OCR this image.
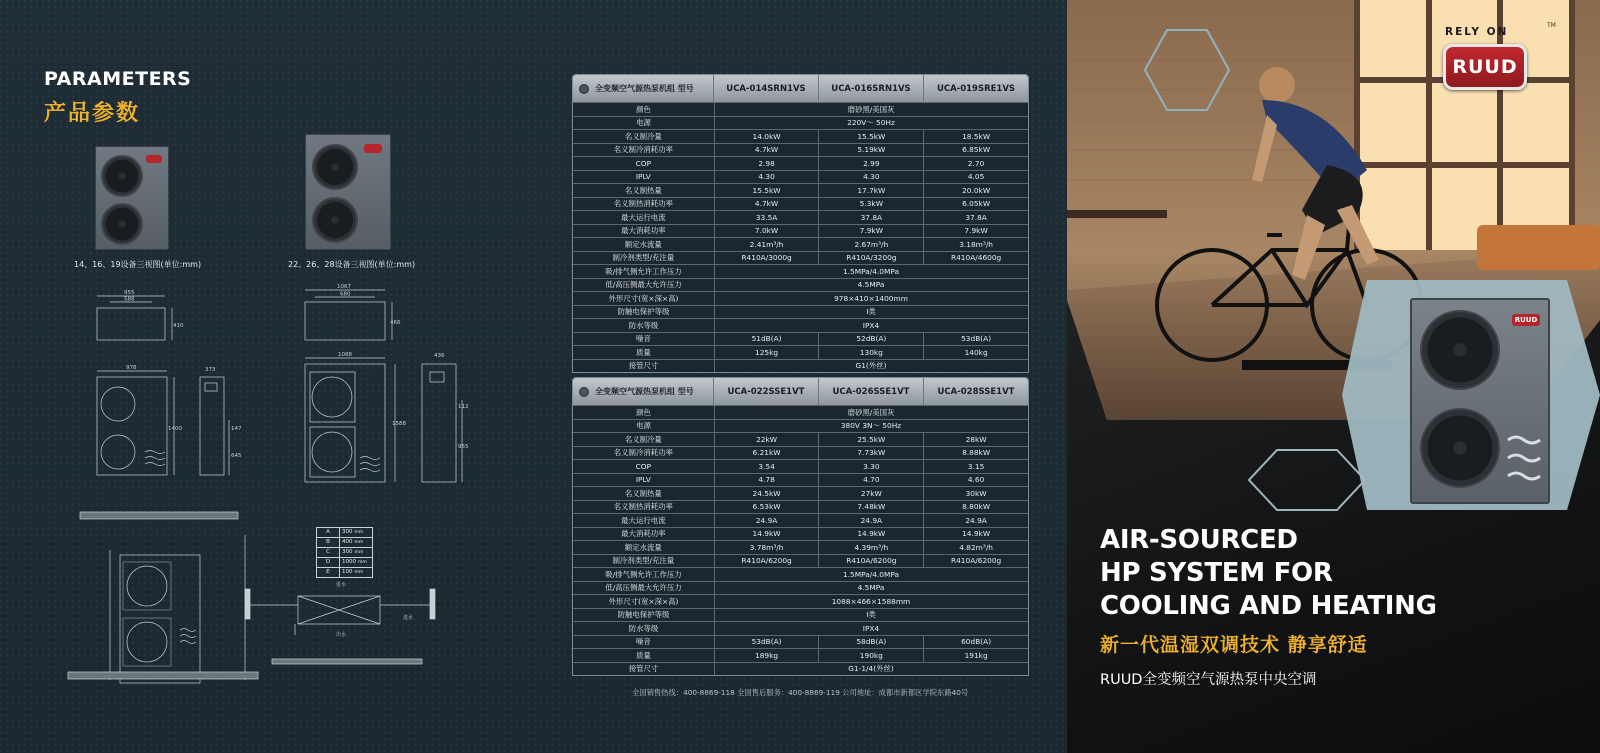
PARAMETERS
产品参数
14、16、19设备三视图(单位:mm)	22、26、28设备三视图(单位:mm)
955
588
410
1067
680
466
978	373
1400	147
645
1088	436
1588
112
955
进水
出水
进水
A	300 mm
B	400 mm
C	300 mm
D	1000 mm
E	100 mm
全变频空气源热泵机组 型号	UCA-014SRN1VS	UCA-016SRN1VS	UCA-019SRE1VS
颜色	磨砂黑/美国灰
电源	220V～ 50Hz
名义制冷量	14.0kW	15.5kW	18.5kW
名义制冷消耗功率	4.7kW	5.19kW	6.85kW
COP	2.98	2.99	2.70
IPLV	4.30	4.30	4.05
名义制热量	15.5kW	17.7kW	20.0kW
名义制热消耗功率	4.7kW	5.3kW	6.05kW
最大运行电流	33.5A	37.8A	37.8A
最大消耗功率	7.0kW	7.9kW	7.9kW
额定水流量	2.41m³/h	2.67m³/h	3.18m³/h
制冷剂类型/充注量	R410A/3000g	R410A/3200g	R410A/4600g
吸/排气侧允许工作压力	1.5MPa/4.0MPa
低/高压侧最大允许压力	4.5MPa
外形尺寸(宽×深×高)	978×410×1400mm
防触电保护等级	I类
防水等级	IPX4
噪音	51dB(A)	52dB(A)	53dB(A)
质量	125kg	130kg	140kg
接管尺寸	G1(外丝)
全变频空气源热泵机组 型号	UCA-022SSE1VT	UCA-026SSE1VT	UCA-028SSE1VT
颜色	磨砂黑/美国灰
电源	380V 3N～ 50Hz
名义制冷量	22kW	25.5kW	28kW
名义制冷消耗功率	6.21kW	7.73kW	8.88kW
COP	3.54	3.30	3.15
IPLV	4.78	4.70	4.60
名义制热量	24.5kW	27kW	30kW
名义制热消耗功率	6.53kW	7.48kW	8.80kW
最大运行电流	24.9A	24.9A	24.9A
最大消耗功率	14.9kW	14.9kW	14.9kW
额定水流量	3.78m³/h	4.39m³/h	4.82m³/h
制冷剂类型/充注量	R410A/6200g	R410A/6200g	R410A/6200g
吸/排气侧允许工作压力	1.5MPa/4.0MPa
低/高压侧最大允许压力	4.5MPa
外形尺寸(宽×深×高)	1088×466×1588mm
防触电保护等级	I类
防水等级	IPX4
噪音	53dB(A)	58dB(A)	60dB(A)
质量	189kg	190kg	191kg
接管尺寸	G1-1/4(外丝)
全国销售热线：400-8869-118 全国售后服务：400-8869-119 公司地址：成都市新都区学院东路40号
RELY ON
TM
RUUD
RUUD
AIR-SOURCED
HP SYSTEM FOR
COOLING AND HEATING
新一代温湿双调技术 静享舒适
RUUD全变频空气源热泵中央空调
